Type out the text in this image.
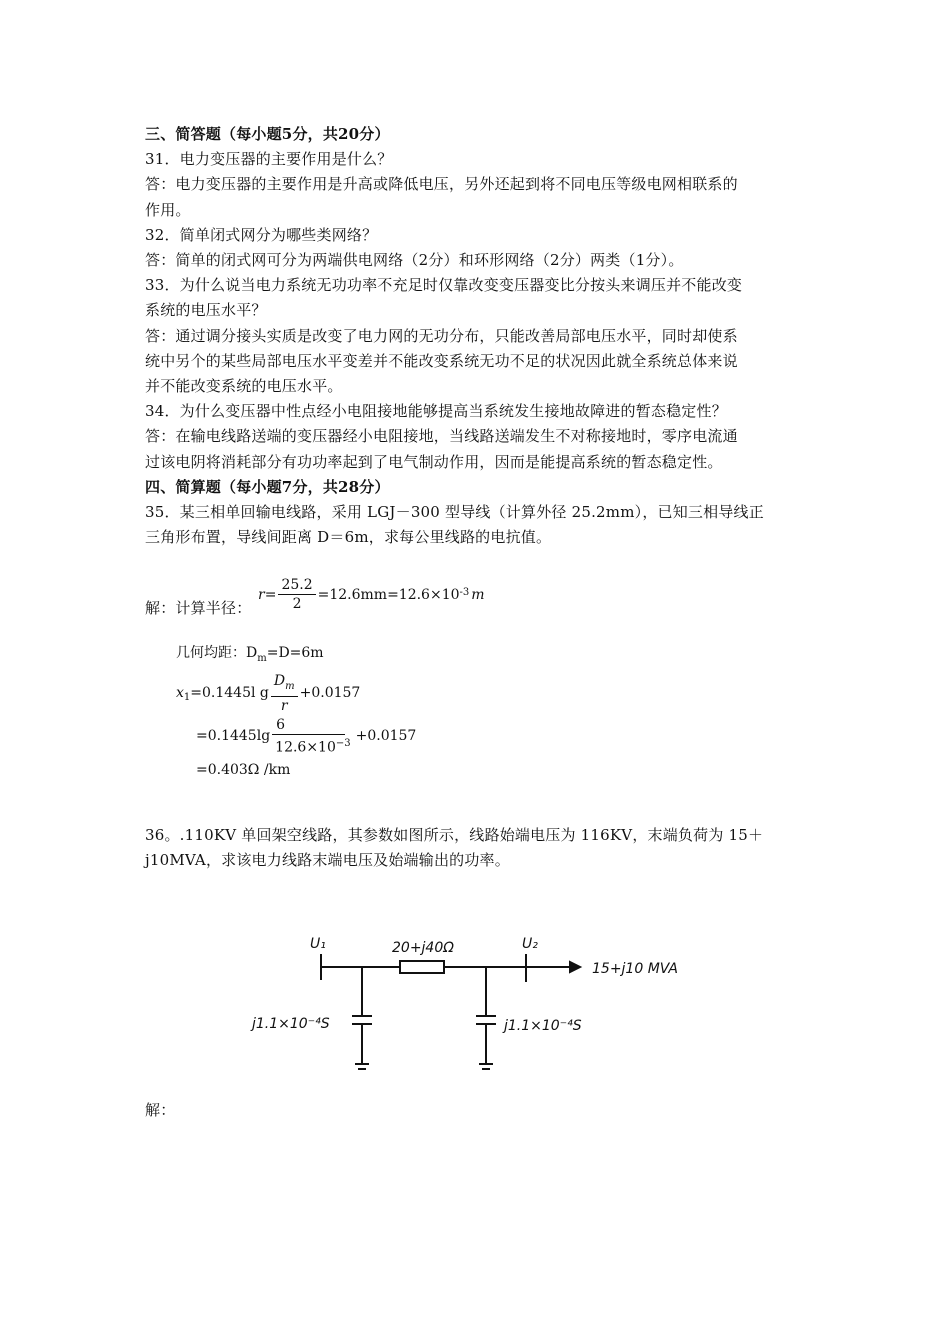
三、简答题（每小题5分，共20分）
31．电力变压器的主要作用是什么？
答：电力变压器的主要作用是升高或降低电压，另外还起到将不同电压等级电网相联系的
作用。
32．简单闭式网分为哪些类网络？
答：简单的闭式网可分为两端供电网络（2分）和环形网络（2分）两类（1分）。
33．为什么说当电力系统无功功率不充足时仅靠改变变压器变比分按头来调压并不能改变
系统的电压水平？
答：通过调分接头实质是改变了电力网的无功分布，只能改善局部电压水平，同时却使系
统中另个的某些局部电压水平变差并不能改变系统无功不足的状况因此就全系统总体来说
并不能改变系统的电压水平。
34．为什么变压器中性点经小电阻接地能够提高当系统发生接地故障进的暂态稳定性？
答：在输电线路送端的变压器经小电阻接地，当线路送端发生不对称接地时，零序电流通
过该电阴将消耗部分有功功率起到了电气制动作用，因而是能提高系统的暂态稳定性。
四、简算题（每小题7分，共28分）
35．某三相单回输电线路，采用 LGJ－300 型导线（计算外径 25.2mm），已知三相导线正
三角形布置，导线间距离 D＝6m，求每公里线路的电抗值。
解：计算半径：
$r = \frac{25.2}{2} =12.6mm=12.6\times 10^{-3}$ m
几何均距：$D_m=D=6m$
$x_1 =0.1445l$ g $\frac{D_m}{r} +0.0157$
$=0.1445\lg \frac{6}{12.6\times 10^{-3}} +0.0157$
=0.403Ω /km
36。.110KV 单回架空线路，其参数如图所示，线路始端电压为 116KV，末端负荷为 15＋
j10MVA，求该电力线路末端电压及始端输出的功率。
U₁	U₂
20+j40Ω
15+j10 MVA
j1.1×10⁻⁴S	j1.1×10⁻⁴S
解：
